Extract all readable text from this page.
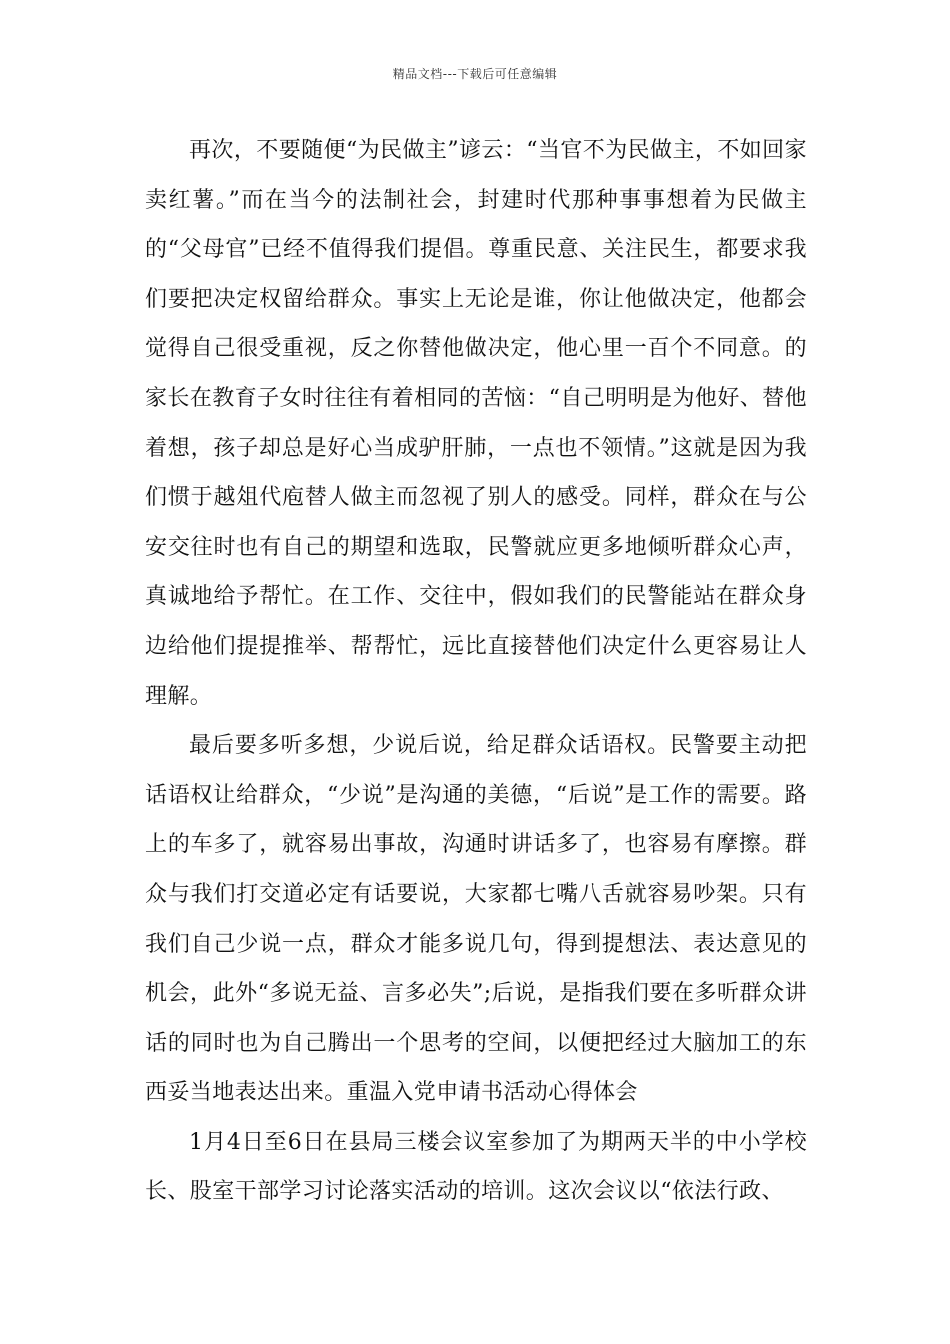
精品文档---下载后可任意编辑

再次，不要随便“为民做主”谚云：“当官不为民做主，不如回家卖红薯。”而在当今的法制社会，封建时代那种事事想着为民做主的“父母官”已经不值得我们提倡。尊重民意、关注民生，都要求我们要把决定权留给群众。事实上无论是谁，你让他做决定，他都会觉得自己很受重视，反之你替他做决定，他心里一百个不同意。的家长在教育子女时往往有着相同的苦恼：“自己明明是为他好、替他着想，孩子却总是好心当成驴肝肺，一点也不领情。”这就是因为我们惯于越俎代庖替人做主而忽视了别人的感受。同样，群众在与公安交往时也有自己的期望和选取，民警就应更多地倾听群众心声，真诚地给予帮忙。在工作、交往中，假如我们的民警能站在群众身边给他们提提推举、帮帮忙，远比直接替他们决定什么更容易让人理解。

最后要多听多想，少说后说，给足群众话语权。民警要主动把话语权让给群众，“少说”是沟通的美德，“后说”是工作的需要。路上的车多了，就容易出事故，沟通时讲话多了，也容易有摩擦。群众与我们打交道必定有话要说，大家都七嘴八舌就容易吵架。只有我们自己少说一点，群众才能多说几句，得到提想法、表达意见的机会，此外“多说无益、言多必失”;后说，是指我们要在多听群众讲话的同时也为自己腾出一个思考的空间，以便把经过大脑加工的东西妥当地表达出来。重温入党申请书活动心得体会

1月4日至6日在县局三楼会议室参加了为期两天半的中小学校长、股室干部学习讨论落实活动的培训。这次会议以“依法行政、
